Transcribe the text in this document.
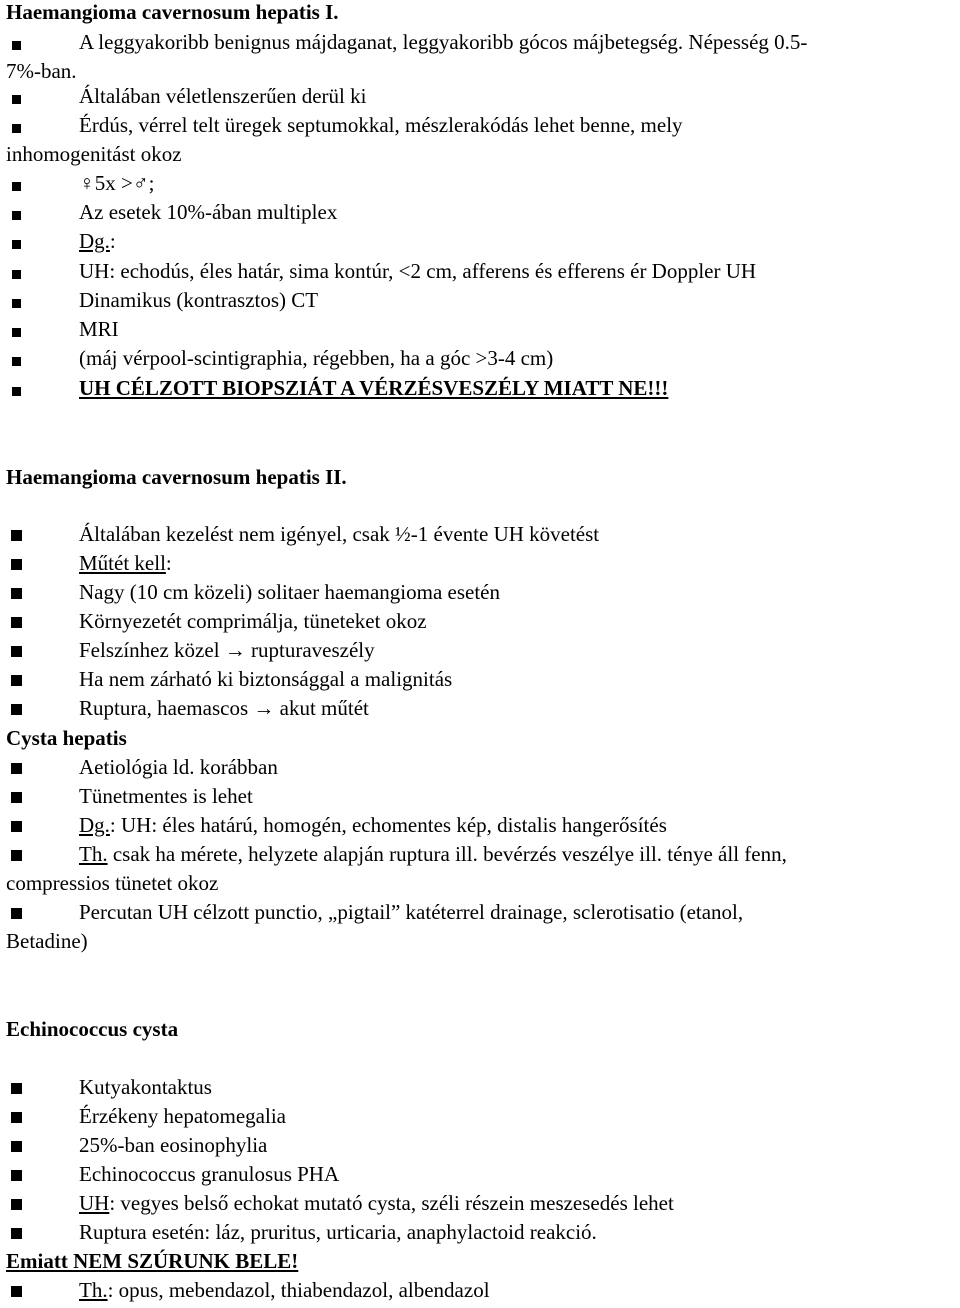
Haemangioma cavernosum hepatis I.
A leggyakoribb benignus májdaganat, leggyakoribb gócos májbetegség. Népesség 0.5-
7%-ban.
Általában véletlenszerűen derül ki
Érdús, vérrel telt üregek septumokkal, mészlerakódás lehet benne, mely
inhomogenitást okoz
♀5x >♂;
Az esetek 10%-ában multiplex
Dg.:
UH: echodús, éles határ, sima kontúr, <2 cm, afferens és efferens ér Doppler UH
Dinamikus (kontrasztos) CT
MRI
(máj vérpool-scintigraphia, régebben, ha a góc >3-4 cm)
UH CÉLZOTT BIOPSZIÁT A VÉRZÉSVESZÉLY MIATT NE!!!
Haemangioma cavernosum hepatis II.
Általában kezelést nem igényel, csak ½-1 évente UH követést
Műtét kell:
Nagy (10 cm közeli) solitaer haemangioma esetén
Környezetét comprimálja, tüneteket okoz
Felszínhez közel → rupturaveszély
Ha nem zárható ki biztonsággal a malignitás
Ruptura, haemascos → akut műtét
Cysta hepatis
Aetiológia ld. korábban
Tünetmentes is lehet
Dg.: UH: éles határú, homogén, echomentes kép, distalis hangerősítés
Th. csak ha mérete, helyzete alapján ruptura ill. bevérzés veszélye ill. ténye áll fenn,
compressios tünetet okoz
Percutan UH célzott punctio, „pigtail” katéterrel drainage, sclerotisatio (etanol,
Betadine)
Echinococcus cysta
Kutyakontaktus
Érzékeny hepatomegalia
25%-ban eosinophylia
Echinococcus granulosus PHA
UH: vegyes belső echokat mutató cysta, széli részein meszesedés lehet
Ruptura esetén: láz, pruritus, urticaria, anaphylactoid reakció.
Emiatt NEM SZÚRUNK BELE!
Th.: opus, mebendazol, thiabendazol, albendazol
